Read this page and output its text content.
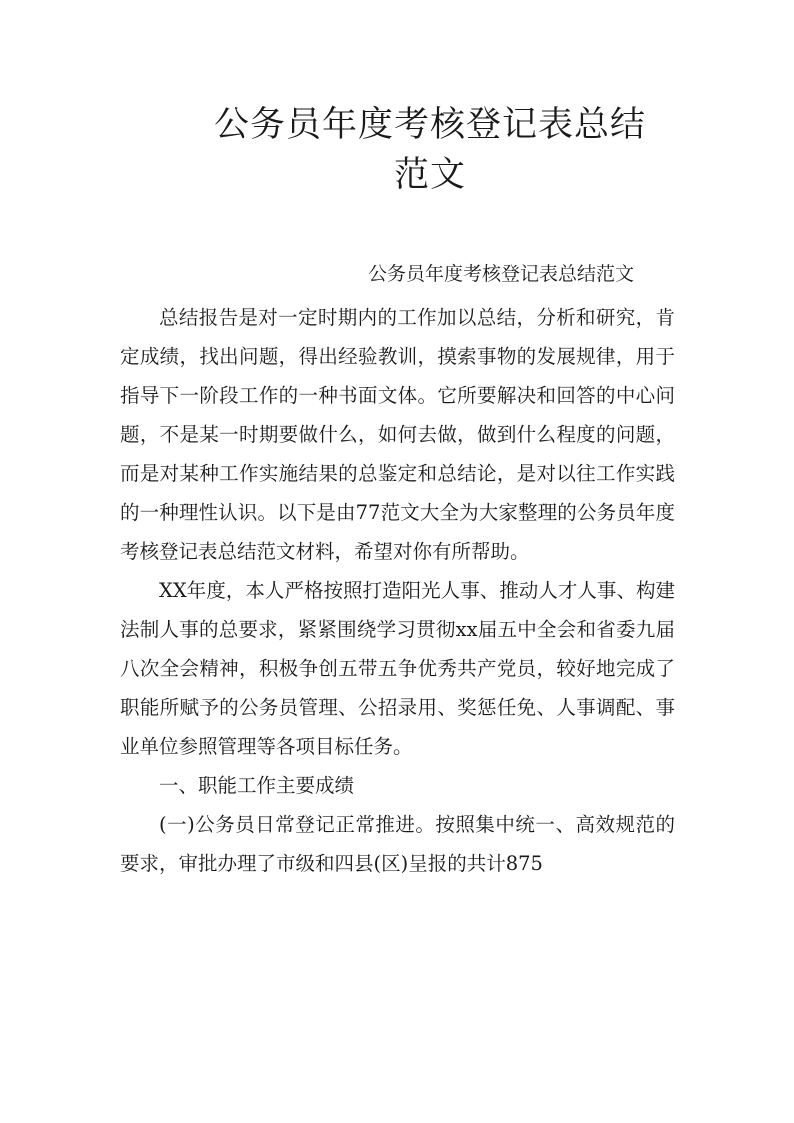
公务员年度考核登记表总结
范文

公务员年度考核登记表总结范文

总结报告是对一定时期内的工作加以总结，分析和研究，肯定成绩，找出问题，得出经验教训，摸索事物的发展规律，用于指导下一阶段工作的一种书面文体。它所要解决和回答的中心问题，不是某一时期要做什么，如何去做，做到什么程度的问题，而是对某种工作实施结果的总鉴定和总结论，是对以往工作实践的一种理性认识。以下是由77范文大全为大家整理的公务员年度考核登记表总结范文材料，希望对你有所帮助。

XX年度，本人严格按照打造阳光人事、推动人才人事、构建法制人事的总要求，紧紧围绕学习贯彻xx届五中全会和省委九届八次全会精神，积极争创五带五争优秀共产党员，较好地完成了职能所赋予的公务员管理、公招录用、奖惩任免、人事调配、事业单位参照管理等各项目标任务。

一、职能工作主要成绩

(一)公务员日常登记正常推进。按照集中统一、高效规范的要求，审批办理了市级和四县(区)呈报的共计875
